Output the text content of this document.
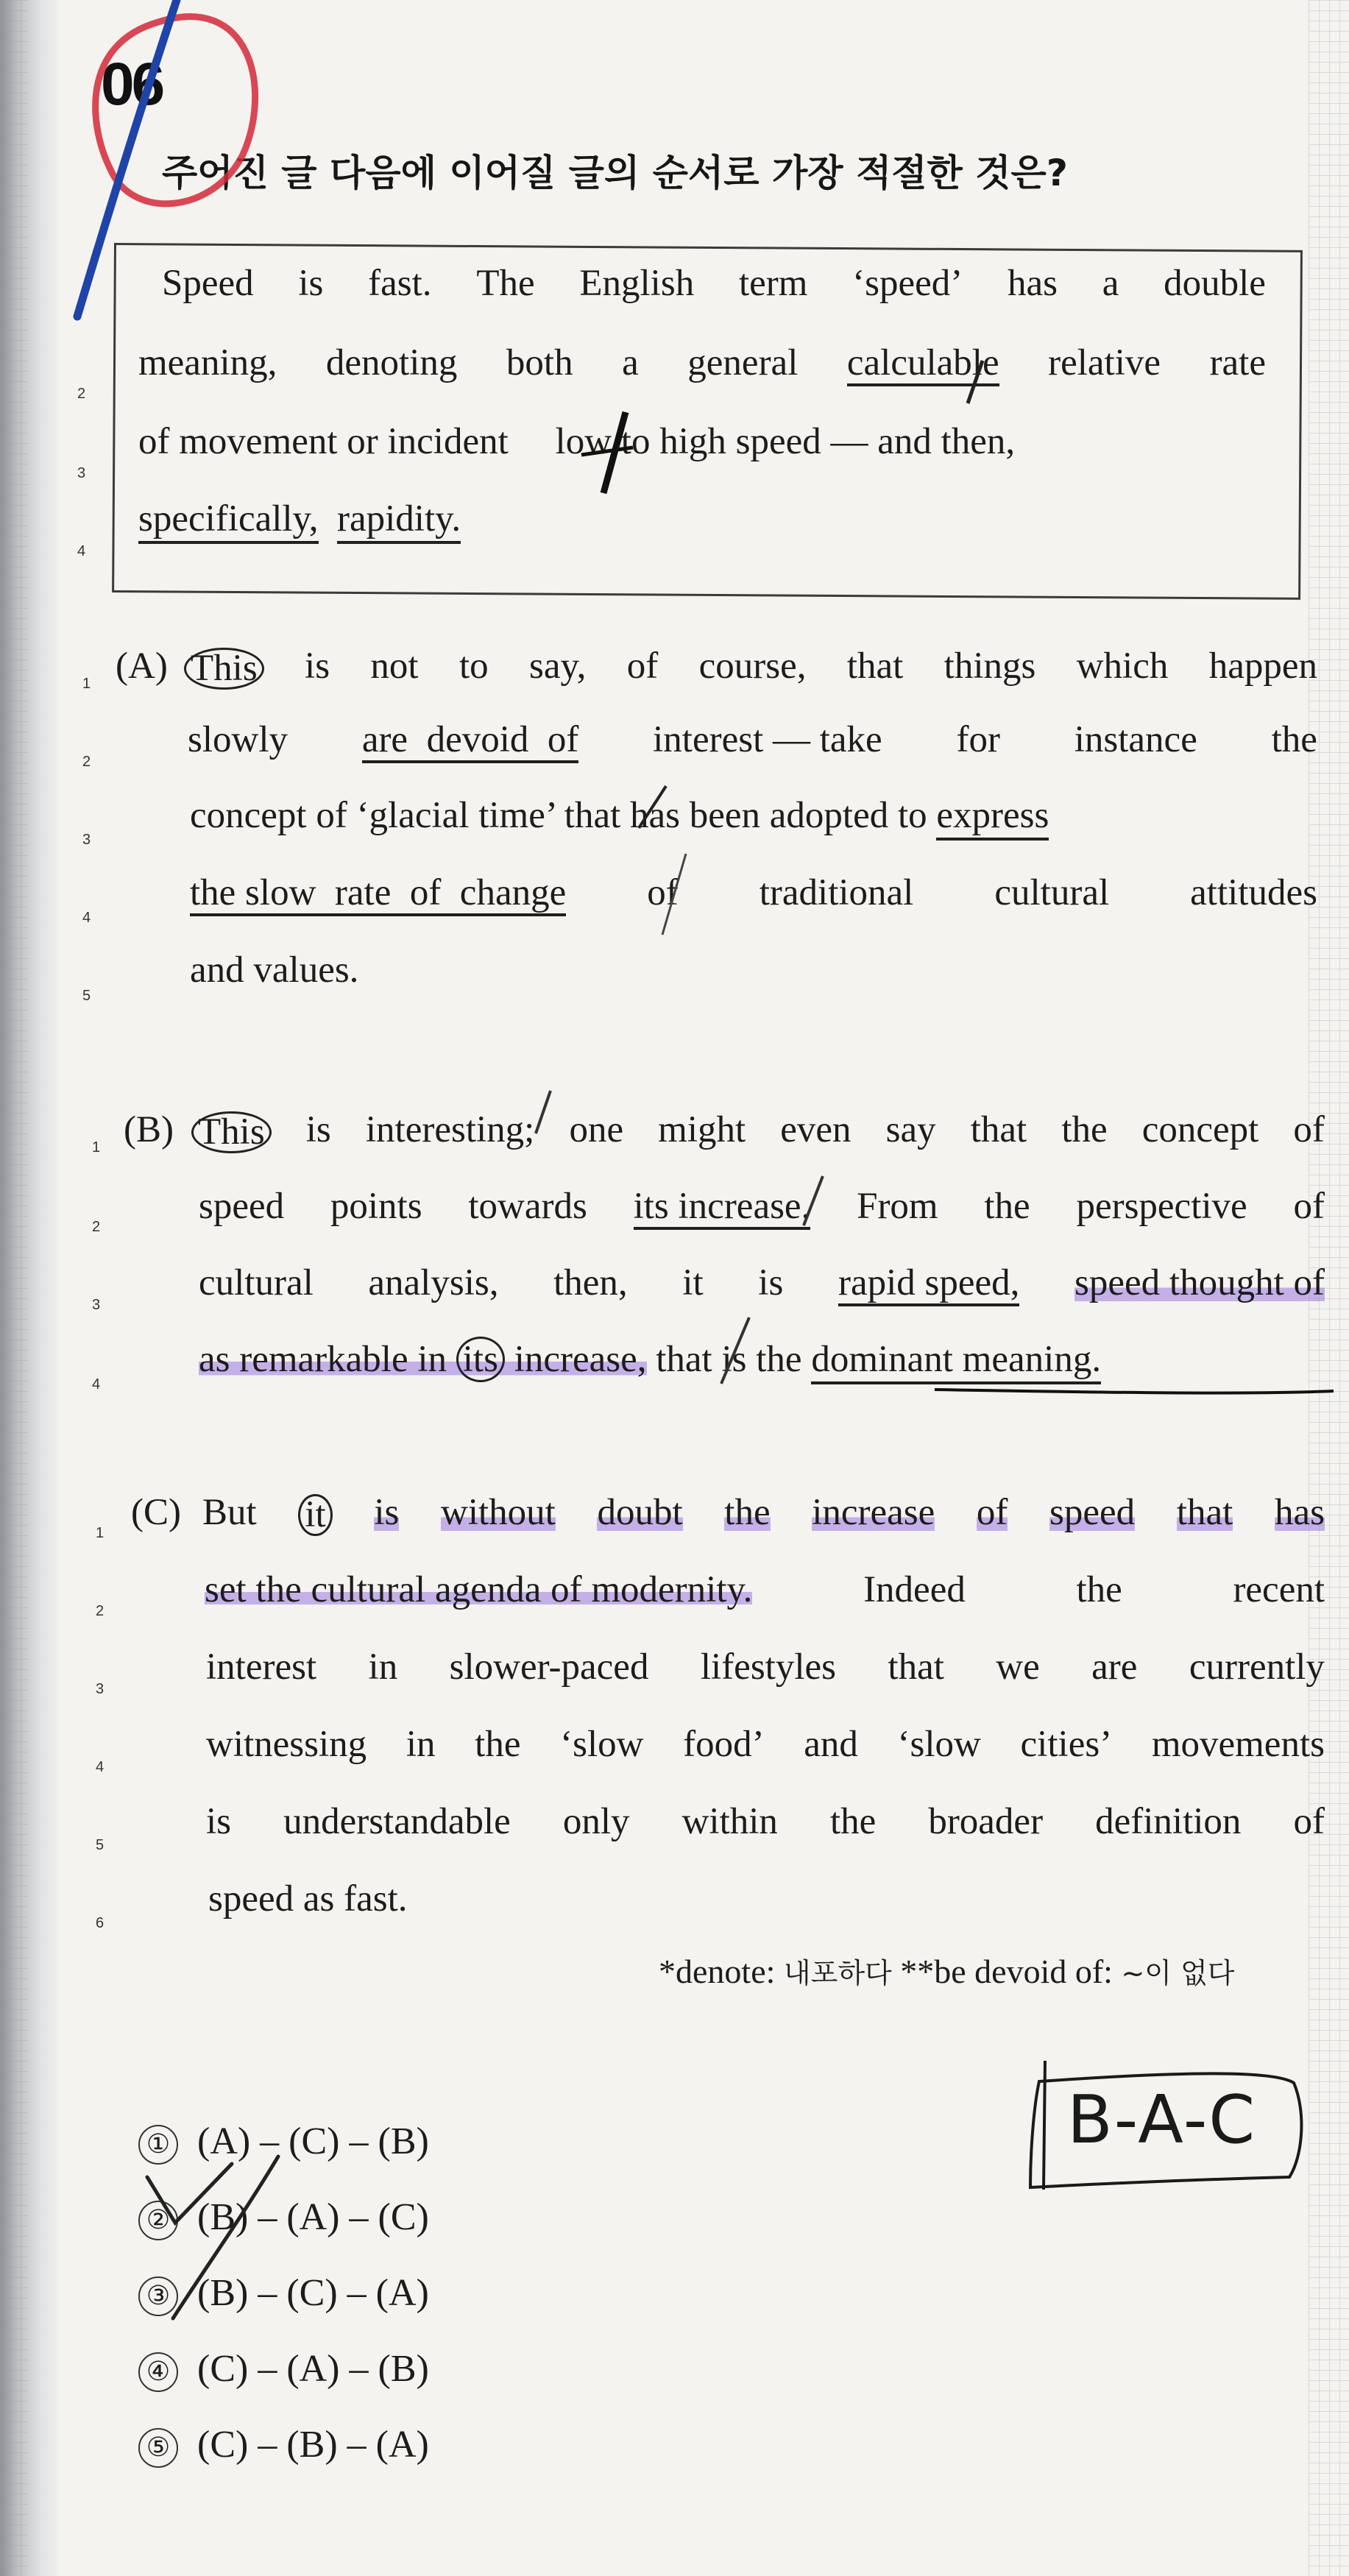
06
주어진 글 다음에 이어질 글의 순서로 가장 적절한 것은?
Speed is fast. The English term ‘speed’ has a double
meaning, denoting both a general calculable relative rate
of movement or incident     low to high speed — and then,
specifically, rapidity.
2
3
4
(A) This is not to say, of course, that things which happen
slowly are  devoid  of interest — take for instance the
concept of ‘glacial time’ that has been adopted to express
the slow  rate  of  change of traditional cultural attitudes
and values.
1
2
3
4
5
(B) This is interesting; one might even say that the concept of
speed points towards its increase. From the perspective of
cultural analysis, then, it is rapid speed, speed thought of
as remarkable in its increase, that is the dominant meaning.
1
2
3
4
(C) But it is without doubt the increase of speed that has
set the cultural agenda of modernity.	Indeed	the	recent
interest in slower-paced lifestyles that we are currently
witnessing in the ‘slow food’ and ‘slow cities’ movements
is understandable only within the broader definition of
speed as fast.
1
2
3
4
5
6
*denote: 내포하다 **be devoid of: ~이 없다
① (A) – (C) – (B)
② (B) – (A) – (C)
③ (B) – (C) – (A)
④ (C) – (A) – (B)
⑤ (C) – (B) – (A)
B-A-C
